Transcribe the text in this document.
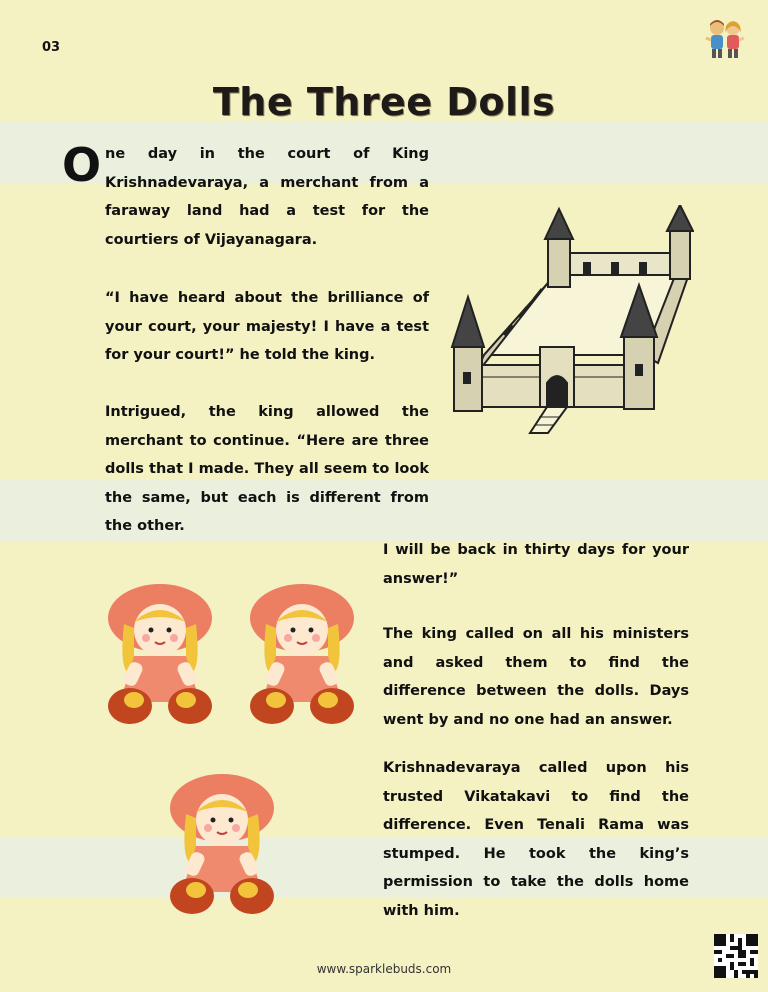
03
The Three Dolls
O ne day in the court of King Krishnadevaraya, a merchant from a faraway land had a test for the courtiers of Vijayanagara.

“I have heard about the brilliance of your court, your majesty! I have a test for your court!” he told the king.

Intrigued, the king allowed the merchant to continue. “Here are three dolls that I made. They all seem to look the same, but each is different from the other.

I will be back in thirty days for your answer!”

The king called on all his ministers and asked them to find the difference between the dolls. Days went by and no one had an answer.

Krishnadevaraya called upon his trusted Vikatakavi to find the difference. Even Tenali Rama was stumped. He took the king’s permission to take the dolls home with him.

www.sparklebuds.com
